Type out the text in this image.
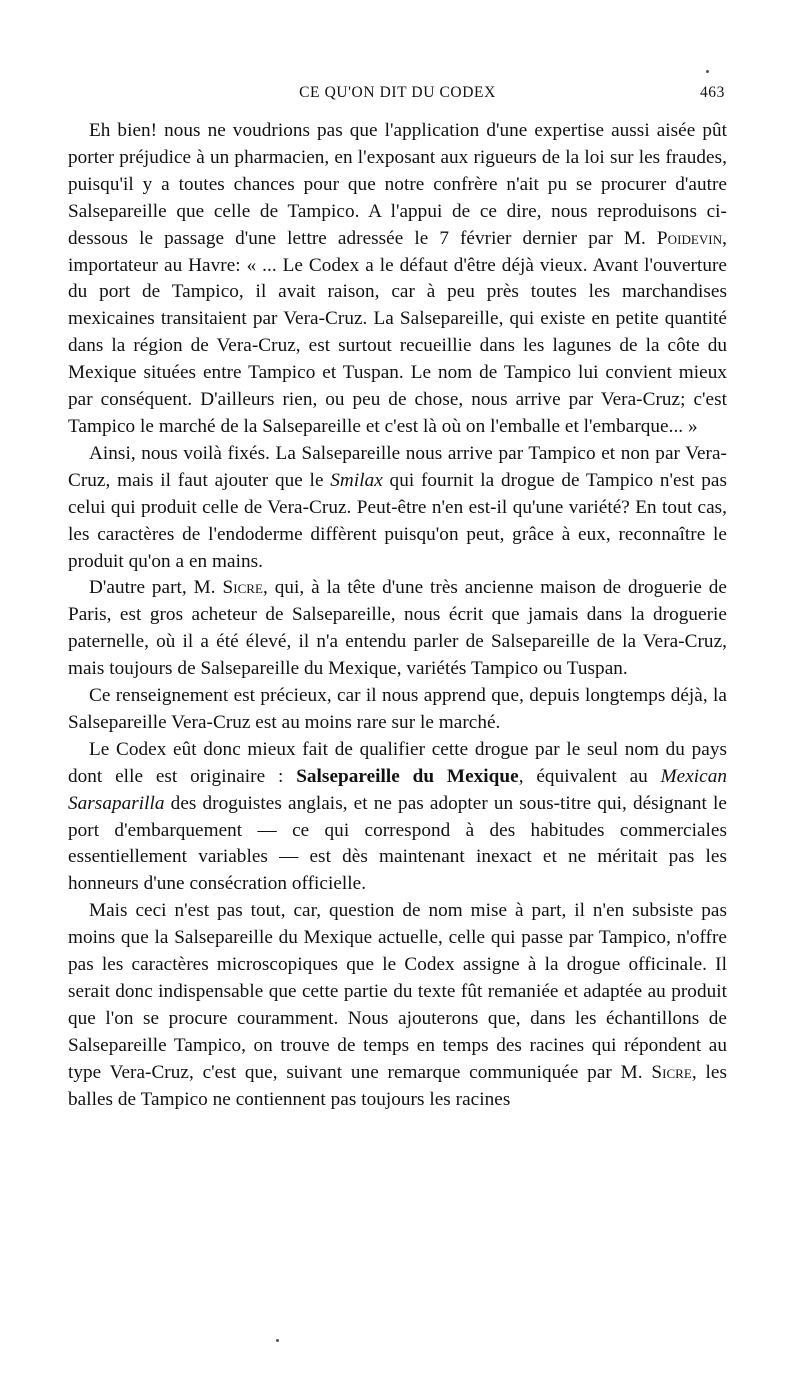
CE QU'ON DIT DU CODEX	463

Eh bien! nous ne voudrions pas que l'application d'une expertise aussi aisée pût porter préjudice à un pharmacien, en l'exposant aux rigueurs de la loi sur les fraudes, puisqu'il y a toutes chances pour que notre confrère n'ait pu se procurer d'autre Salsepareille que celle de Tampico. A l'appui de ce dire, nous reproduisons ci-dessous le passage d'une lettre adressée le 7 février dernier par M. Poidevin, importateur au Havre: « ... Le Codex a le défaut d'être déjà vieux. Avant l'ouverture du port de Tampico, il avait raison, car à peu près toutes les marchandises mexicaines transitaient par Vera-Cruz. La Salsepareille, qui existe en petite quantité dans la région de Vera-Cruz, est surtout recueillie dans les lagunes de la côte du Mexique situées entre Tampico et Tuspan. Le nom de Tampico lui convient mieux par conséquent. D'ailleurs rien, ou peu de chose, nous arrive par Vera-Cruz; c'est Tampico le marché de la Salsepareille et c'est là où on l'emballe et l'embarque... »

Ainsi, nous voilà fixés. La Salsepareille nous arrive par Tampico et non par Vera-Cruz, mais il faut ajouter que le Smilax qui fournit la drogue de Tampico n'est pas celui qui produit celle de Vera-Cruz. Peut-être n'en est-il qu'une variété? En tout cas, les caractères de l'endoderme diffèrent puisqu'on peut, grâce à eux, reconnaître le produit qu'on a en mains.

D'autre part, M. Sicre, qui, à la tête d'une très ancienne maison de droguerie de Paris, est gros acheteur de Salsepareille, nous écrit que jamais dans la droguerie paternelle, où il a été élevé, il n'a entendu parler de Salsepareille de la Vera-Cruz, mais toujours de Salsepareille du Mexique, variétés Tampico ou Tuspan.

Ce renseignement est précieux, car il nous apprend que, depuis longtemps déjà, la Salsepareille Vera-Cruz est au moins rare sur le marché.

Le Codex eût donc mieux fait de qualifier cette drogue par le seul nom du pays dont elle est originaire : Salsepareille du Mexique, équivalent au Mexican Sarsaparilla des droguistes anglais, et ne pas adopter un sous-titre qui, désignant le port d'embarquement — ce qui correspond à des habitudes commerciales essentiellement variables — est dès maintenant inexact et ne méritait pas les honneurs d'une consécration officielle.

Mais ceci n'est pas tout, car, question de nom mise à part, il n'en subsiste pas moins que la Salsepareille du Mexique actuelle, celle qui passe par Tampico, n'offre pas les caractères microscopiques que le Codex assigne à la drogue officinale. Il serait donc indispensable que cette partie du texte fût remaniée et adaptée au produit que l'on se procure couramment. Nous ajouterons que, dans les échantillons de Salsepareille Tampico, on trouve de temps en temps des racines qui répondent au type Vera-Cruz, c'est que, suivant une remarque communiquée par M. Sicre, les balles de Tampico ne contiennent pas toujours les racines
